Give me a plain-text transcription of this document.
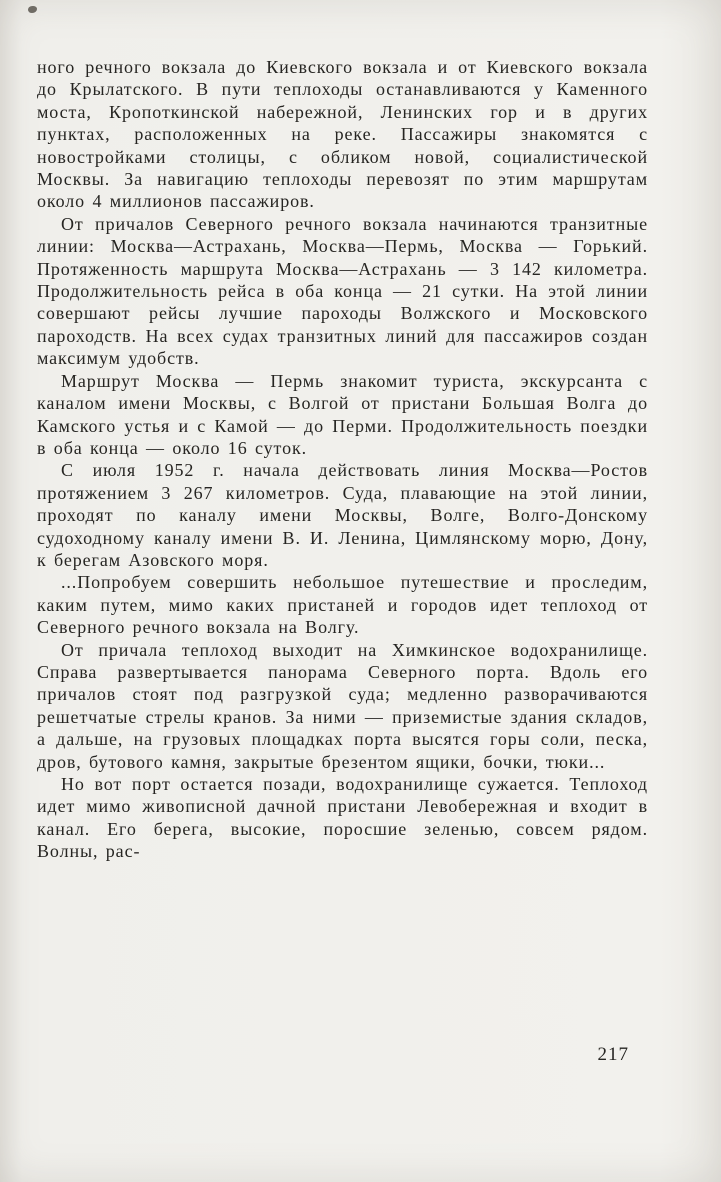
ного речного вокзала до Киевского вокзала и от Киевского вокзала до Крылатского. В пути теплоходы останавливаются у Каменного моста, Кропоткинской набережной, Ленинских гор и в других пунктах, расположенных на реке. Пассажиры знакомятся с новостройками столицы, с обликом новой, социалистической Москвы. За навигацию теплоходы перевозят по этим маршрутам около 4 миллионов пассажиров.

От причалов Северного речного вокзала начинаются транзитные линии: Москва—Астрахань, Москва—Пермь, Москва — Горький. Протяженность маршрута Москва—Астрахань — 3 142 километра. Продолжительность рейса в оба конца — 21 сутки. На этой линии совершают рейсы лучшие пароходы Волжского и Московского пароходств. На всех судах транзитных линий для пассажиров создан максимум удобств.

Маршрут Москва — Пермь знакомит туриста, экскурсанта с каналом имени Москвы, с Волгой от пристани Большая Волга до Камского устья и с Камой — до Перми. Продолжительность поездки в оба конца — около 16 суток.

С июля 1952 г. начала действовать линия Москва—Ростов протяжением 3 267 километров. Суда, плавающие на этой линии, проходят по каналу имени Москвы, Волге, Волго-Донскому судоходному каналу имени В. И. Ленина, Цимлянскому морю, Дону, к берегам Азовского моря.

...Попробуем совершить небольшое путешествие и проследим, каким путем, мимо каких пристаней и городов идет теплоход от Северного речного вокзала на Волгу.

От причала теплоход выходит на Химкинское водохранилище. Справа развертывается панорама Северного порта. Вдоль его причалов стоят под разгрузкой суда; медленно разворачиваются решетчатые стрелы кранов. За ними — приземистые здания складов, а дальше, на грузовых площадках порта высятся горы соли, песка, дров, бутового камня, закрытые брезентом ящики, бочки, тюки...

Но вот порт остается позади, водохранилище сужается. Теплоход идет мимо живописной дачной пристани Левобережная и входит в канал. Его берега, высокие, поросшие зеленью, совсем рядом. Волны, рас-

217
